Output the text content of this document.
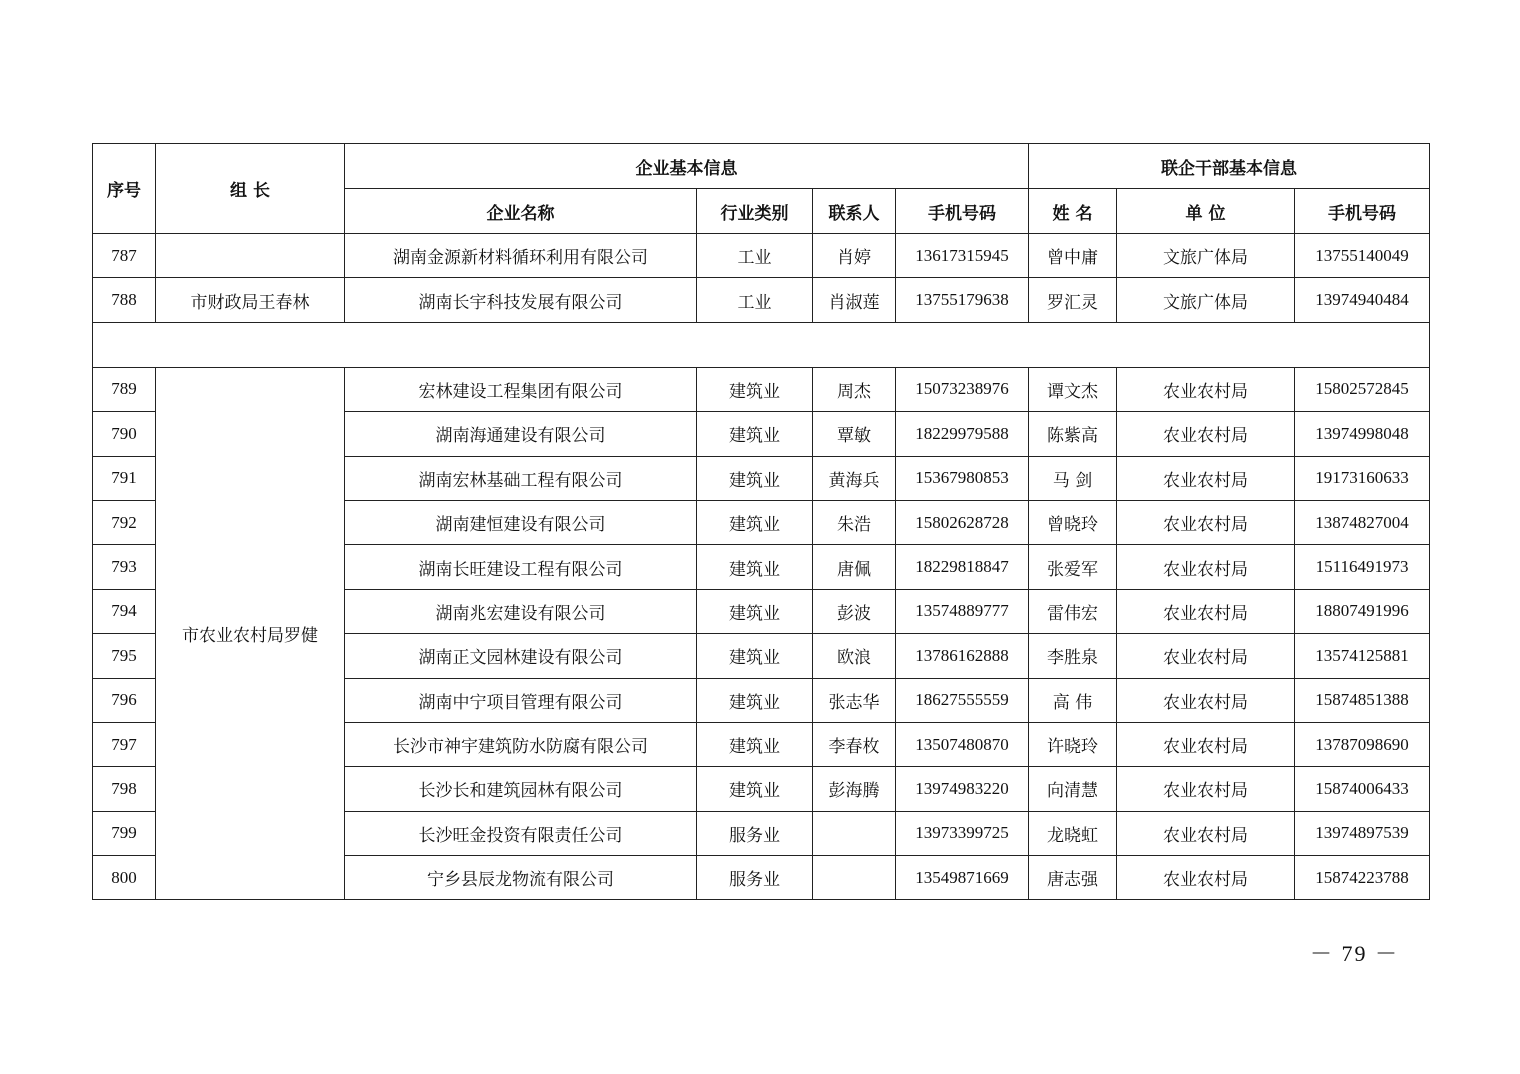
序号	组 长	企业基本信息				联企干部基本信息		
		企业名称	行业类别	联系人	手机号码	姓 名	单 位	手机号码
787		湖南金源新材料循环利用有限公司	工业	肖婷	13617315945	曾中庸	文旅广体局	13755140049
788	市财政局王春林	湖南长宇科技发展有限公司	工业	肖淑莲	13755179638	罗汇灵	文旅广体局	13974940484

789	市农业农村局罗健	宏林建设工程集团有限公司	建筑业	周杰	15073238976	谭文杰	农业农村局	15802572845
790		湖南海通建设有限公司	建筑业	覃敏	18229979588	陈紫高	农业农村局	13974998048
791		湖南宏林基础工程有限公司	建筑业	黄海兵	15367980853	马 剑	农业农村局	19173160633
792		湖南建恒建设有限公司	建筑业	朱浩	15802628728	曾晓玲	农业农村局	13874827004
793		湖南长旺建设工程有限公司	建筑业	唐佩	18229818847	张爱军	农业农村局	15116491973
794		湖南兆宏建设有限公司	建筑业	彭波	13574889777	雷伟宏	农业农村局	18807491996
795		湖南正文园林建设有限公司	建筑业	欧浪	13786162888	李胜泉	农业农村局	13574125881
796		湖南中宁项目管理有限公司	建筑业	张志华	18627555559	高 伟	农业农村局	15874851388
797		长沙市神宇建筑防水防腐有限公司	建筑业	李春枚	13507480870	许晓玲	农业农村局	13787098690
798		长沙长和建筑园林有限公司	建筑业	彭海腾	13974983220	向清慧	农业农村局	15874006433
799		长沙旺金投资有限责任公司	服务业		13973399725	龙晓虹	农业农村局	13974897539
800		宁乡县辰龙物流有限公司	服务业		13549871669	唐志强	农业农村局	15874223788
－ 79 －
